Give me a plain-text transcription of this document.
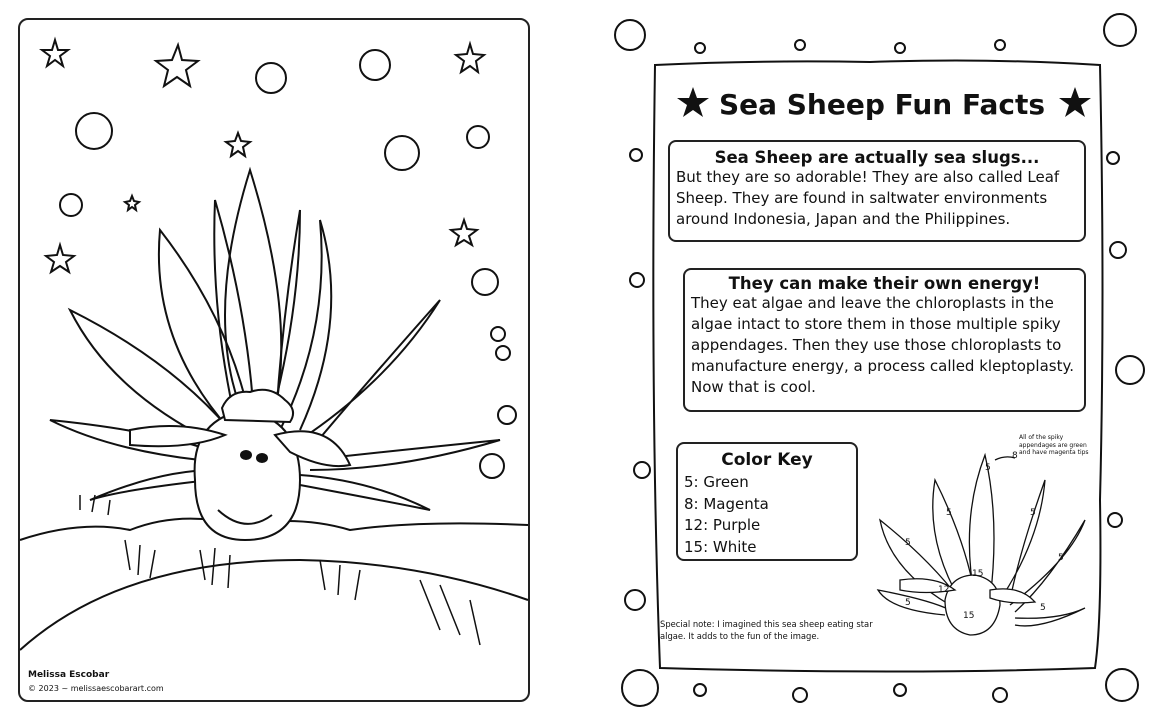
Melissa Escobar
© 2023 ~ melissaescobarart.com
Sea Sheep Fun Facts
Sea Sheep are actually sea slugs...

But they are so adorable! They are also called Leaf

Sheep. They are found in saltwater environments

around Indonesia, Japan and the Philippines.

They can make their own energy!

They eat algae and leave the chloroplasts in the

algae intact to store them in those multiple spiky

appendages. Then they use those chloroplasts to

manufacture energy, a process called kleptoplasty.

Now that is cool.

Color Key
5: Green
8: Magenta
12: Purple
15: White
5
8
5
5
5
5
15
12
15
5	5
All of the spiky appendages are green and have magenta tips
Special note: I imagined this sea sheep eating star algae. It adds to the fun of the image.
